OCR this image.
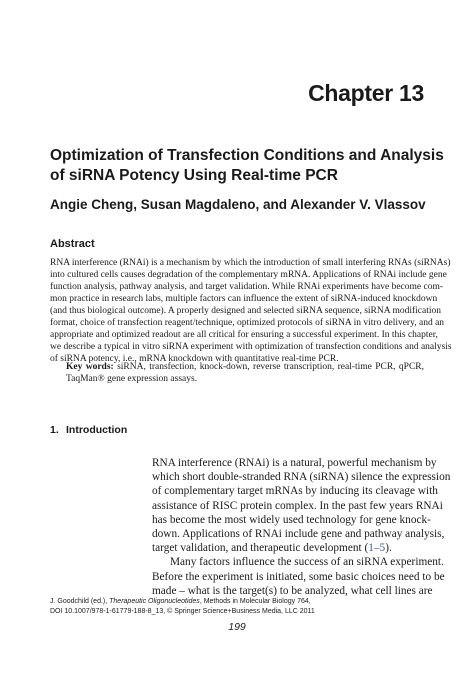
Chapter 13
Optimization of Transfection Conditions and Analysis
of siRNA Potency Using Real-time PCR

Angie Cheng, Susan Magdaleno, and Alexander V. Vlassov

Abstract
RNA interference (RNAi) is a mechanism by which the introduction of small interfering RNAs (siRNAs)
into cultured cells causes degradation of the complementary mRNA. Applications of RNAi include gene
function analysis, pathway analysis, and target validation. While RNAi experiments have become com-
mon practice in research labs, multiple factors can influence the extent of siRNA-induced knockdown
(and thus biological outcome). A properly designed and selected siRNA sequence, siRNA modification
format, choice of transfection reagent/technique, optimized protocols of siRNA in vitro delivery, and an
appropriate and optimized readout are all critical for ensuring a successful experiment. In this chapter,
we describe a typical in vitro siRNA experiment with optimization of transfection conditions and analysis
of siRNA potency, i.e., mRNA knockdown with quantitative real-time PCR.
Key words: siRNA, transfection, knock-down, reverse transcription, real-time PCR, qPCR,
TaqMan® gene expression assays.
1. Introduction
RNA interference (RNAi) is a natural, powerful mechanism by
which short double-stranded RNA (siRNA) silence the expression
of complementary target mRNAs by inducing its cleavage with
assistance of RISC protein complex. In the past few years RNAi
has become the most widely used technology for gene knock-
down. Applications of RNAi include gene and pathway analysis,
target validation, and therapeutic development (1–5).
Many factors influence the success of an siRNA experiment.
Before the experiment is initiated, some basic choices need to be
made – what is the target(s) to be analyzed, what cell lines are
J. Goodchild (ed.), Therapeutic Oligonucleotides, Methods in Molecular Biology 764,
DOI 10.1007/978-1-61779-188-8_13, © Springer Science+Business Media, LLC 2011

199
